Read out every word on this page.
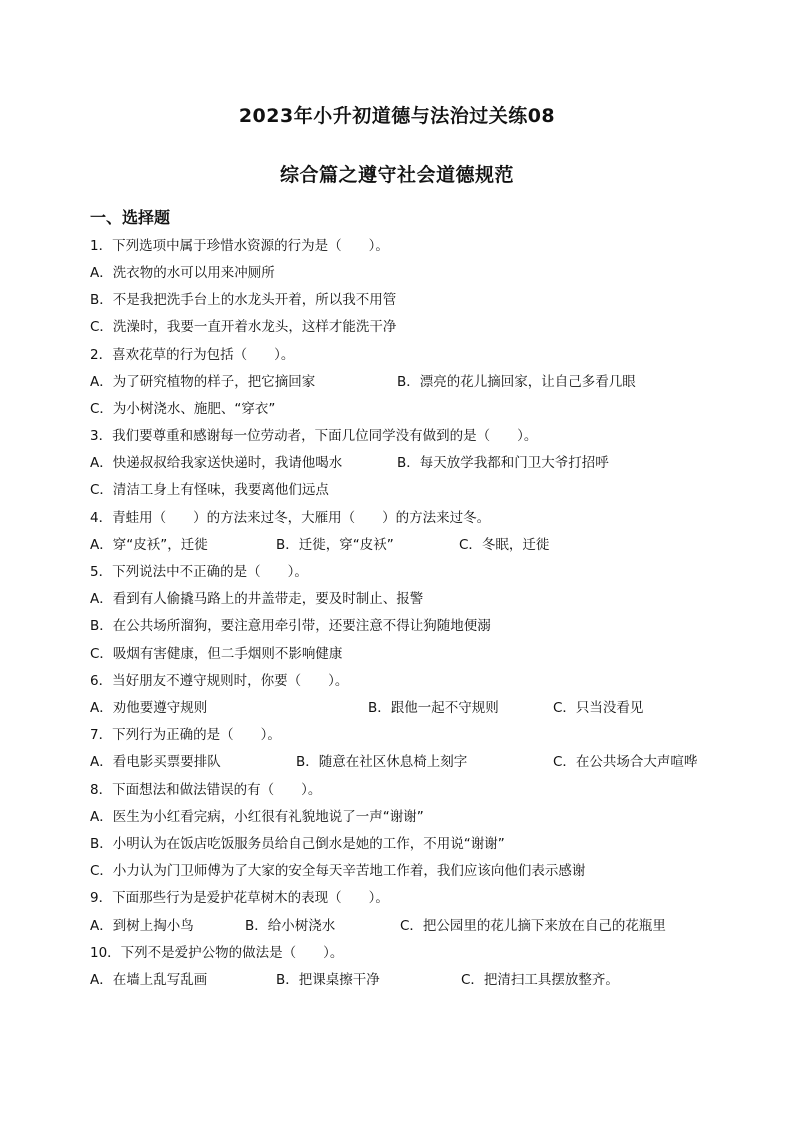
2023年小升初道德与法治过关练08
综合篇之遵守社会道德规范
一、选择题
1．下列选项中属于珍惜水资源的行为是（　　）。
A．洗衣物的水可以用来冲厕所
B．不是我把洗手台上的水龙头开着，所以我不用管
C．洗澡时，我要一直开着水龙头，这样才能洗干净
2．喜欢花草的行为包括（　　）。
A．为了研究植物的样子，把它摘回家	B．漂亮的花儿摘回家，让自己多看几眼
C．为小树浇水、施肥、“穿衣”
3．我们要尊重和感谢每一位劳动者，下面几位同学没有做到的是（　　）。
A．快递叔叔给我家送快递时，我请他喝水	B．每天放学我都和门卫大爷打招呼
C．清洁工身上有怪味，我要离他们远点
4．青蛙用（　　）的方法来过冬，大雁用（　　）的方法来过冬。
A．穿“皮袄”，迁徙	B．迁徙，穿“皮袄”	C．冬眠，迁徙
5．下列说法中不正确的是（　　）。
A．看到有人偷撬马路上的井盖带走，要及时制止、报警
B．在公共场所溜狗，要注意用牵引带，还要注意不得让狗随地便溺
C．吸烟有害健康，但二手烟则不影响健康
6．当好朋友不遵守规则时，你要（　　）。
A．劝他要遵守规则	B．跟他一起不守规则	C．只当没看见
7．下列行为正确的是（　　）。
A．看电影买票要排队	B．随意在社区休息椅上刻字	C．在公共场合大声喧哗
8．下面想法和做法错误的有（　　）。
A．医生为小红看完病，小红很有礼貌地说了一声“谢谢”
B．小明认为在饭店吃饭服务员给自己倒水是她的工作，不用说“谢谢”
C．小力认为门卫师傅为了大家的安全每天辛苦地工作着，我们应该向他们表示感谢
9．下面那些行为是爱护花草树木的表现（　　）。
A．到树上掏小鸟	B．给小树浇水	C．把公园里的花儿摘下来放在自己的花瓶里
10．下列不是爱护公物的做法是（　　）。
A．在墙上乱写乱画	B．把课桌擦干净	C．把清扫工具摆放整齐。
